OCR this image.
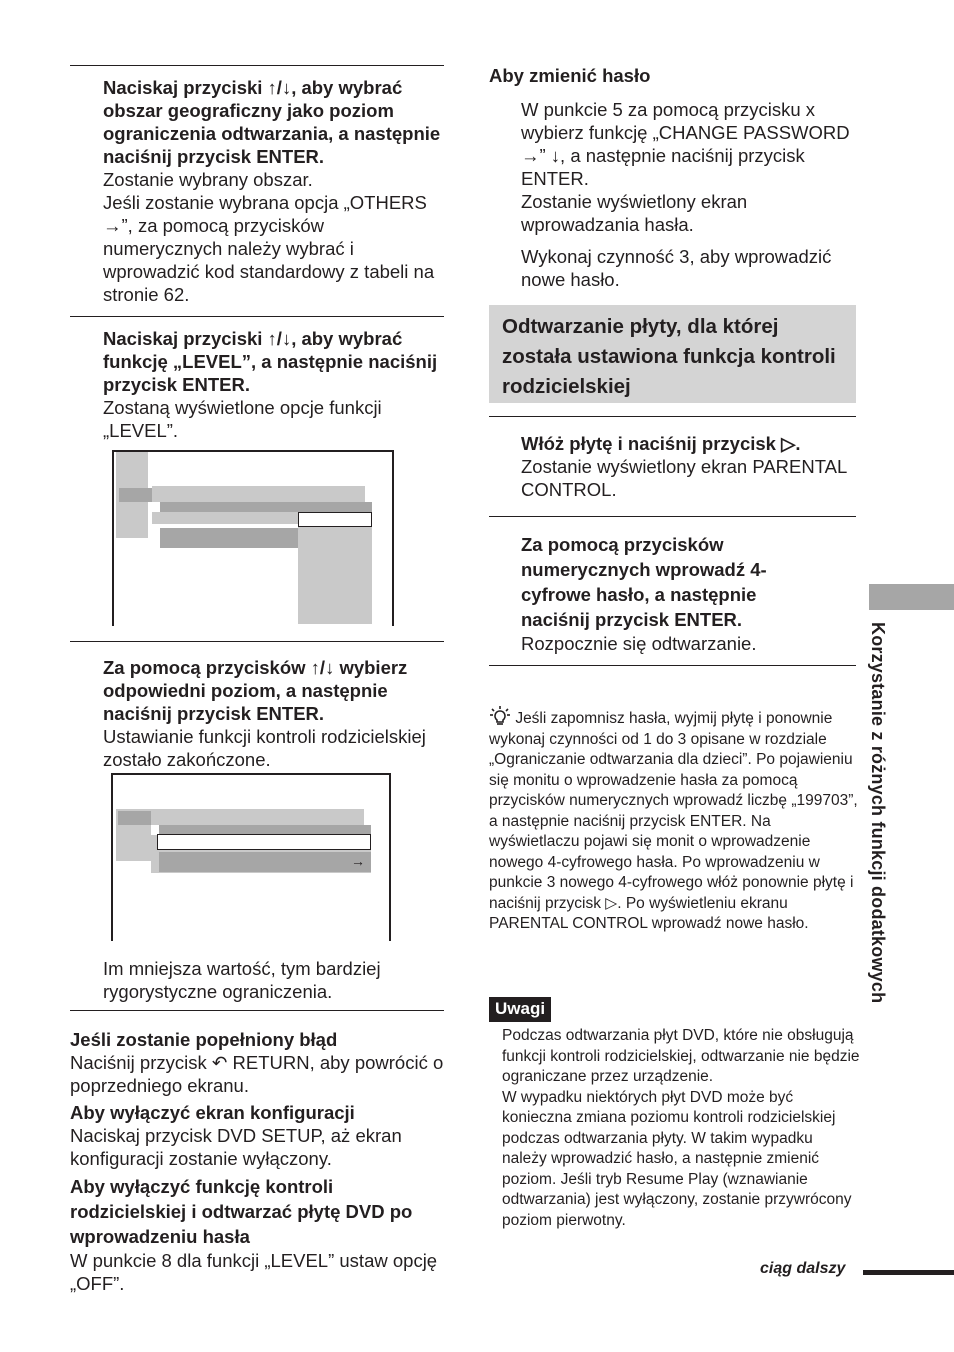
Naciskaj przyciski ↑/↓, aby wybrać obszar geograficzny jako poziom ograniczenia odtwarzania, a następnie naciśnij przycisk ENTER.
Zostanie wybrany obszar.
Jeśli zostanie wybrana opcja „OTHERS →”, za pomocą przycisków numerycznych należy wybrać i wprowadzić kod standardowy z tabeli na stronie 62.
Naciskaj przyciski ↑/↓, aby wybrać funkcję „LEVEL”, a następnie naciśnij przycisk ENTER.
Zostaną wyświetlone opcje funkcji „LEVEL”.
Za pomocą przycisków ↑/↓ wybierz odpowiedni poziom, a następnie naciśnij przycisk ENTER.
Ustawianie funkcji kontroli rodzicielskiej zostało zakończone.
→
Im mniejsza wartość, tym bardziej rygorystyczne ograniczenia.
Jeśli zostanie popełniony błąd
Naciśnij przycisk ↶ RETURN, aby powrócić o poprzedniego ekranu.
Aby wyłączyć ekran konfiguracji
Naciskaj przycisk DVD SETUP, aż ekran konfiguracji zostanie wyłączony.
Aby wyłączyć funkcję kontroli rodzicielskiej i odtwarzać płytę DVD po wprowadzeniu hasła
W punkcie 8 dla funkcji „LEVEL” ustaw opcję „OFF”.
Aby zmienić hasło
W punkcie 5 za pomocą przycisku x wybierz funkcję „CHANGE PASSWORD →” ↓, a następnie naciśnij przycisk ENTER.
Zostanie wyświetlony ekran wprowadzania hasła.
Wykonaj czynność 3, aby wprowadzić nowe hasło.
Odtwarzanie płyty, dla której została ustawiona funkcja kontroli rodzicielskiej
Włóż płytę i naciśnij przycisk ▷.
Zostanie wyświetlony ekran PARENTAL CONTROL.
Za pomocą przycisków numerycznych wprowadź 4-cyfrowe hasło, a następnie naciśnij przycisk ENTER.
Rozpocznie się odtwarzanie.
Jeśli zapomnisz hasła, wyjmij płytę i ponownie wykonaj czynności od 1 do 3 opisane w rozdziale „Ograniczanie odtwarzania dla dzieci”. Po pojawieniu się monitu o wprowadzenie hasła za pomocą przycisków numerycznych wprowadź liczbę „199703”, a następnie naciśnij przycisk ENTER. Na wyświetlaczu pojawi się monit o wprowadzenie nowego 4-cyfrowego hasła. Po wprowadzeniu w punkcie 3 nowego 4-cyfrowego włóż ponownie płytę i naciśnij przycisk ▷. Po wyświetleniu ekranu PARENTAL CONTROL wprowadź nowe hasło.
Uwagi
Podczas odtwarzania płyt DVD, które nie obsługują funkcji kontroli rodzicielskiej, odtwarzanie nie będzie ograniczane przez urządzenie.
W wypadku niektórych płyt DVD może być konieczna zmiana poziomu kontroli rodzicielskiej podczas odtwarzania płyty. W takim wypadku należy wprowadzić hasło, a następnie zmienić poziom. Jeśli tryb Resume Play (wznawianie odtwarzania) jest wyłączony, zostanie przywrócony poziom pierwotny.
ciąg dalszy
Korzystanie z różnych funkcji dodatkowych
